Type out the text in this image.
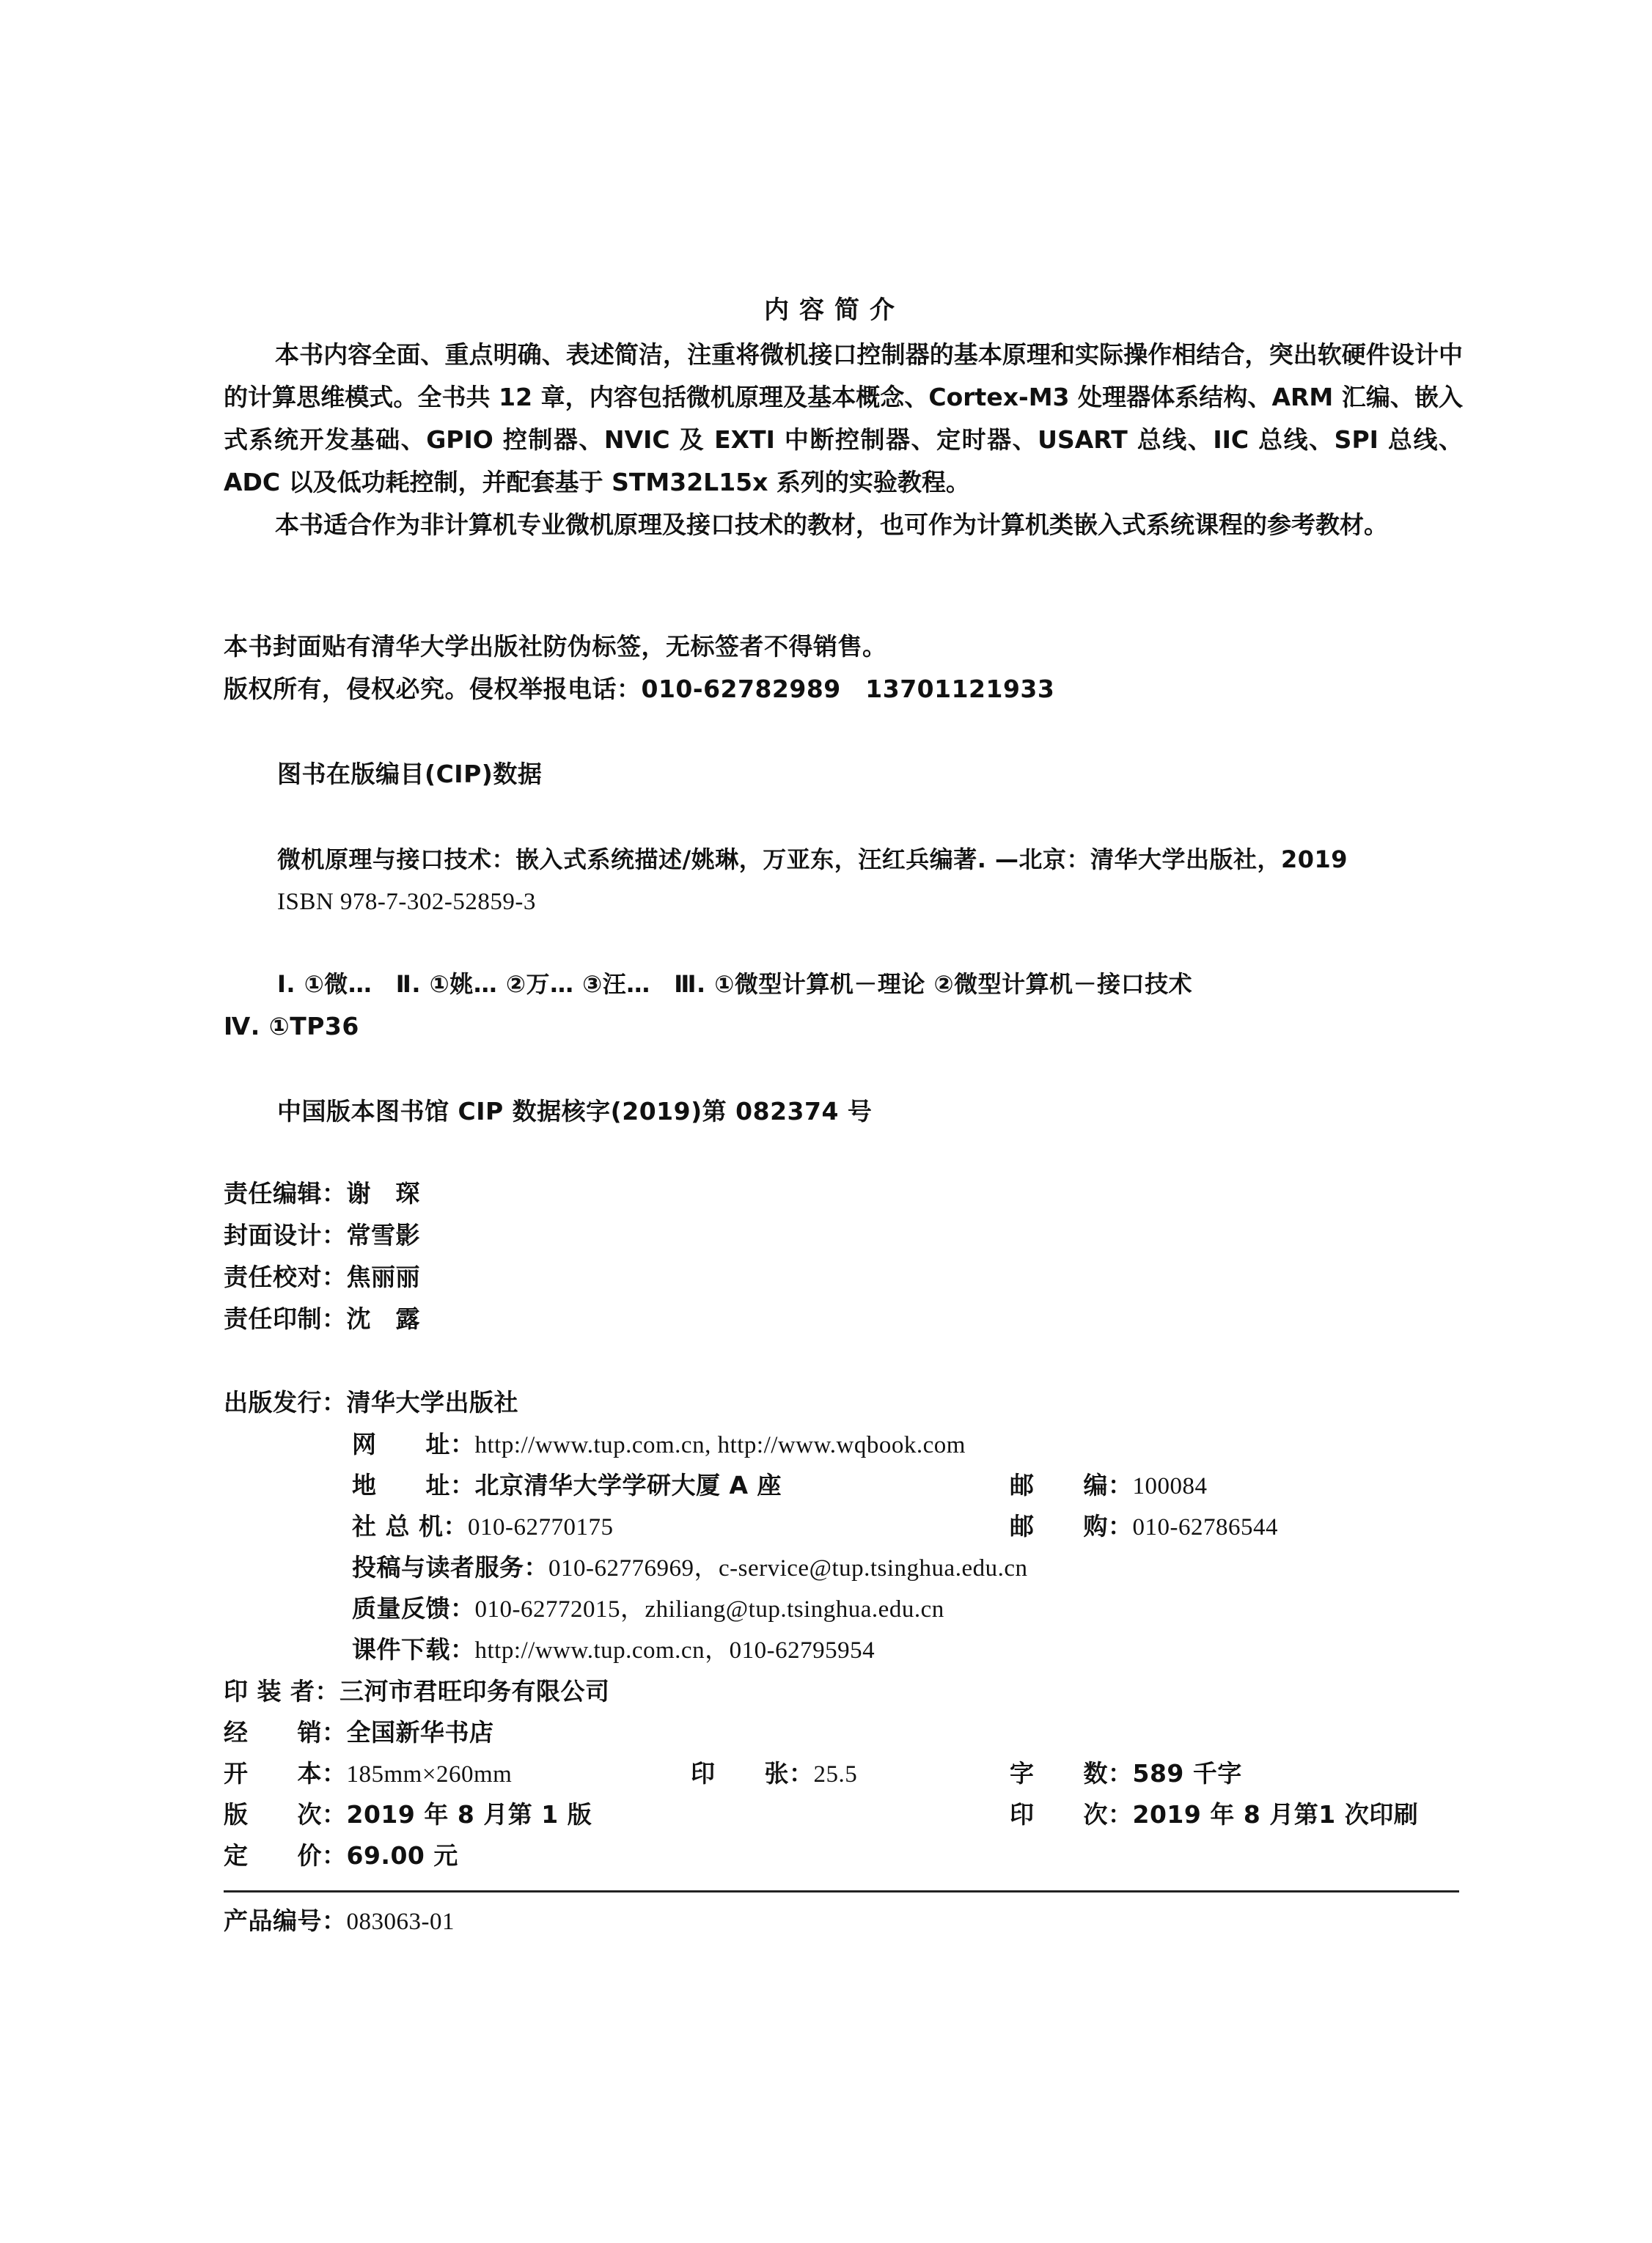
内容简介
本书内容全面、重点明确、表述简洁，注重将微机接口控制器的基本原理和实际操作相结合，突出软硬件设计中的计算思维模式。全书共 12 章，内容包括微机原理及基本概念、Cortex-M3 处理器体系结构、ARM 汇编、嵌入式系统开发基础、GPIO 控制器、NVIC 及 EXTI 中断控制器、定时器、USART 总线、IIC 总线、SPI 总线、ADC 以及低功耗控制，并配套基于 STM32L15x 系列的实验教程。
本书适合作为非计算机专业微机原理及接口技术的教材，也可作为计算机类嵌入式系统课程的参考教材。
本书封面贴有清华大学出版社防伪标签，无标签者不得销售。
版权所有，侵权必究。侵权举报电话：010-62782989　13701121933
图书在版编目(CIP)数据
微机原理与接口技术：嵌入式系统描述/姚琳，万亚东，汪红兵编著. —北京：清华大学出版社，2019
ISBN 978-7-302-52859-3
Ⅰ. ①微…　Ⅱ. ①姚… ②万… ③汪…　Ⅲ. ①微型计算机－理论 ②微型计算机－接口技术
Ⅳ. ①TP36
中国版本图书馆 CIP 数据核字(2019)第 082374 号
责任编辑：谢　琛
封面设计：常雪影
责任校对：焦丽丽
责任印制：沈　露
出版发行：清华大学出版社
网　　址：http://www.tup.com.cn, http://www.wqbook.com
地　　址：北京清华大学学研大厦 A 座	邮　　编：100084
社 总 机：010-62770175	邮　　购：010-62786544
投稿与读者服务：010-62776969，c-service@tup.tsinghua.edu.cn
质量反馈：010-62772015，zhiliang@tup.tsinghua.edu.cn
课件下载：http://www.tup.com.cn，010-62795954
印 装 者：三河市君旺印务有限公司
经　　销：全国新华书店
开　　本：185mm×260mm	印　　张：25.5	字　　数：589 千字
版　　次：2019 年 8 月第 1 版	印　　次：2019 年 8 月第1 次印刷
定　　价：69.00 元
产品编号：083063-01
